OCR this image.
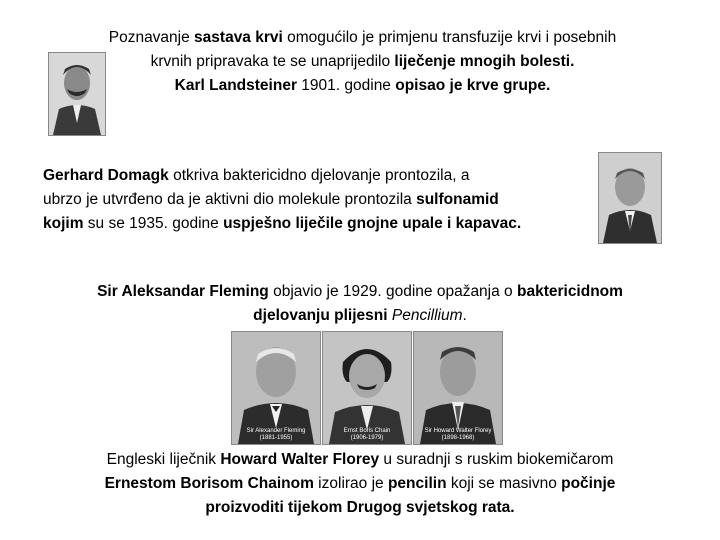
Poznavanje sastava krvi omogućilo je primjenu transfuzije krvi i posebnih
krvnih pripravaka te se unaprijedilo liječenje mnogih bolesti.
Karl Landsteiner 1901. godine opisao je krve grupe.
Gerhard Domagk otkriva baktericidno djelovanje prontozila, a
ubrzo je utvrđeno da je aktivni dio molekule prontozila sulfonamid
kojim su se 1935. godine uspješno liječile gnojne upale i kapavac.
Sir Aleksandar Fleming objavio je 1929. godine opažanja o baktericidnom
djelovanju plijesni Pencillium.
Sir Alexander Fleming
(1881-1955)
Ernst Boris Chain
(1906-1979)
Sir Howard Walter Florey
(1898-1968)
Engleski liječnik Howard Walter Florey u suradnji s ruskim biokemičarom
Ernestom Borisom Chainom izolirao je pencilin koji se masivno počinje
proizvoditi tijekom Drugog svjetskog rata.
